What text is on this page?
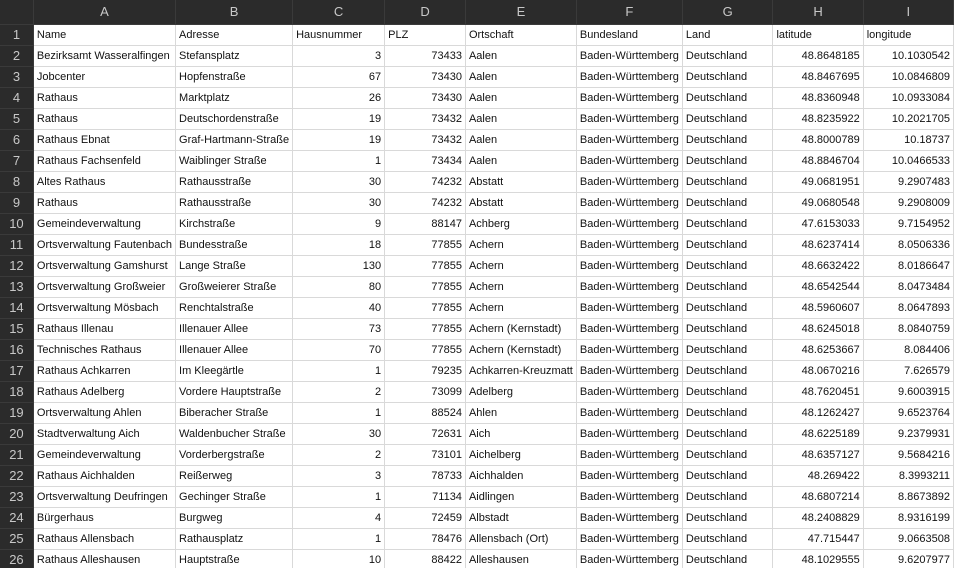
	A	B	C	D	E	F	G	H	I
1	Name	Adresse	Hausnummer	PLZ	Ortschaft	Bundesland	Land	latitude	longitude
2	Bezirksamt Wasseralfingen	Stefansplatz	3	73433	Aalen	Baden-Württemberg	Deutschland	48.8648185	10.1030542
3	Jobcenter	Hopfenstraße	67	73430	Aalen	Baden-Württemberg	Deutschland	48.8467695	10.0846809
4	Rathaus	Marktplatz	26	73430	Aalen	Baden-Württemberg	Deutschland	48.8360948	10.0933084
5	Rathaus	Deutschordenstraße	19	73432	Aalen	Baden-Württemberg	Deutschland	48.8235922	10.2021705
6	Rathaus Ebnat	Graf-Hartmann-Straße	19	73432	Aalen	Baden-Württemberg	Deutschland	48.8000789	10.18737
7	Rathaus Fachsenfeld	Waiblinger Straße	1	73434	Aalen	Baden-Württemberg	Deutschland	48.8846704	10.0466533
8	Altes Rathaus	Rathausstraße	30	74232	Abstatt	Baden-Württemberg	Deutschland	49.0681951	9.2907483
9	Rathaus	Rathausstraße	30	74232	Abstatt	Baden-Württemberg	Deutschland	49.0680548	9.2908009
10	Gemeindeverwaltung	Kirchstraße	9	88147	Achberg	Baden-Württemberg	Deutschland	47.6153033	9.7154952
11	Ortsverwaltung Fautenbach	Bundesstraße	18	77855	Achern	Baden-Württemberg	Deutschland	48.6237414	8.0506336
12	Ortsverwaltung Gamshurst	Lange Straße	130	77855	Achern	Baden-Württemberg	Deutschland	48.6632422	8.0186647
13	Ortsverwaltung Großweier	Großweierer Straße	80	77855	Achern	Baden-Württemberg	Deutschland	48.6542544	8.0473484
14	Ortsverwaltung Mösbach	Renchtalstraße	40	77855	Achern	Baden-Württemberg	Deutschland	48.5960607	8.0647893
15	Rathaus Illenau	Illenauer Allee	73	77855	Achern (Kernstadt)	Baden-Württemberg	Deutschland	48.6245018	8.0840759
16	Technisches Rathaus	Illenauer Allee	70	77855	Achern (Kernstadt)	Baden-Württemberg	Deutschland	48.6253667	8.084406
17	Rathaus Achkarren	Im Kleegärtle	1	79235	Achkarren-Kreuzmatt	Baden-Württemberg	Deutschland	48.0670216	7.626579
18	Rathaus Adelberg	Vordere Hauptstraße	2	73099	Adelberg	Baden-Württemberg	Deutschland	48.7620451	9.6003915
19	Ortsverwaltung Ahlen	Biberacher Straße	1	88524	Ahlen	Baden-Württemberg	Deutschland	48.1262427	9.6523764
20	Stadtverwaltung Aich	Waldenbucher Straße	30	72631	Aich	Baden-Württemberg	Deutschland	48.6225189	9.2379931
21	Gemeindeverwaltung	Vorderbergstraße	2	73101	Aichelberg	Baden-Württemberg	Deutschland	48.6357127	9.5684216
22	Rathaus Aichhalden	Reißerweg	3	78733	Aichhalden	Baden-Württemberg	Deutschland	48.269422	8.3993211
23	Ortsverwaltung Deufringen	Gechinger Straße	1	71134	Aidlingen	Baden-Württemberg	Deutschland	48.6807214	8.8673892
24	Bürgerhaus	Burgweg	4	72459	Albstadt	Baden-Württemberg	Deutschland	48.2408829	8.9316199
25	Rathaus Allensbach	Rathausplatz	1	78476	Allensbach (Ort)	Baden-Württemberg	Deutschland	47.715447	9.0663508
26	Rathaus Alleshausen	Hauptstraße	10	88422	Alleshausen	Baden-Württemberg	Deutschland	48.1029555	9.6207977
